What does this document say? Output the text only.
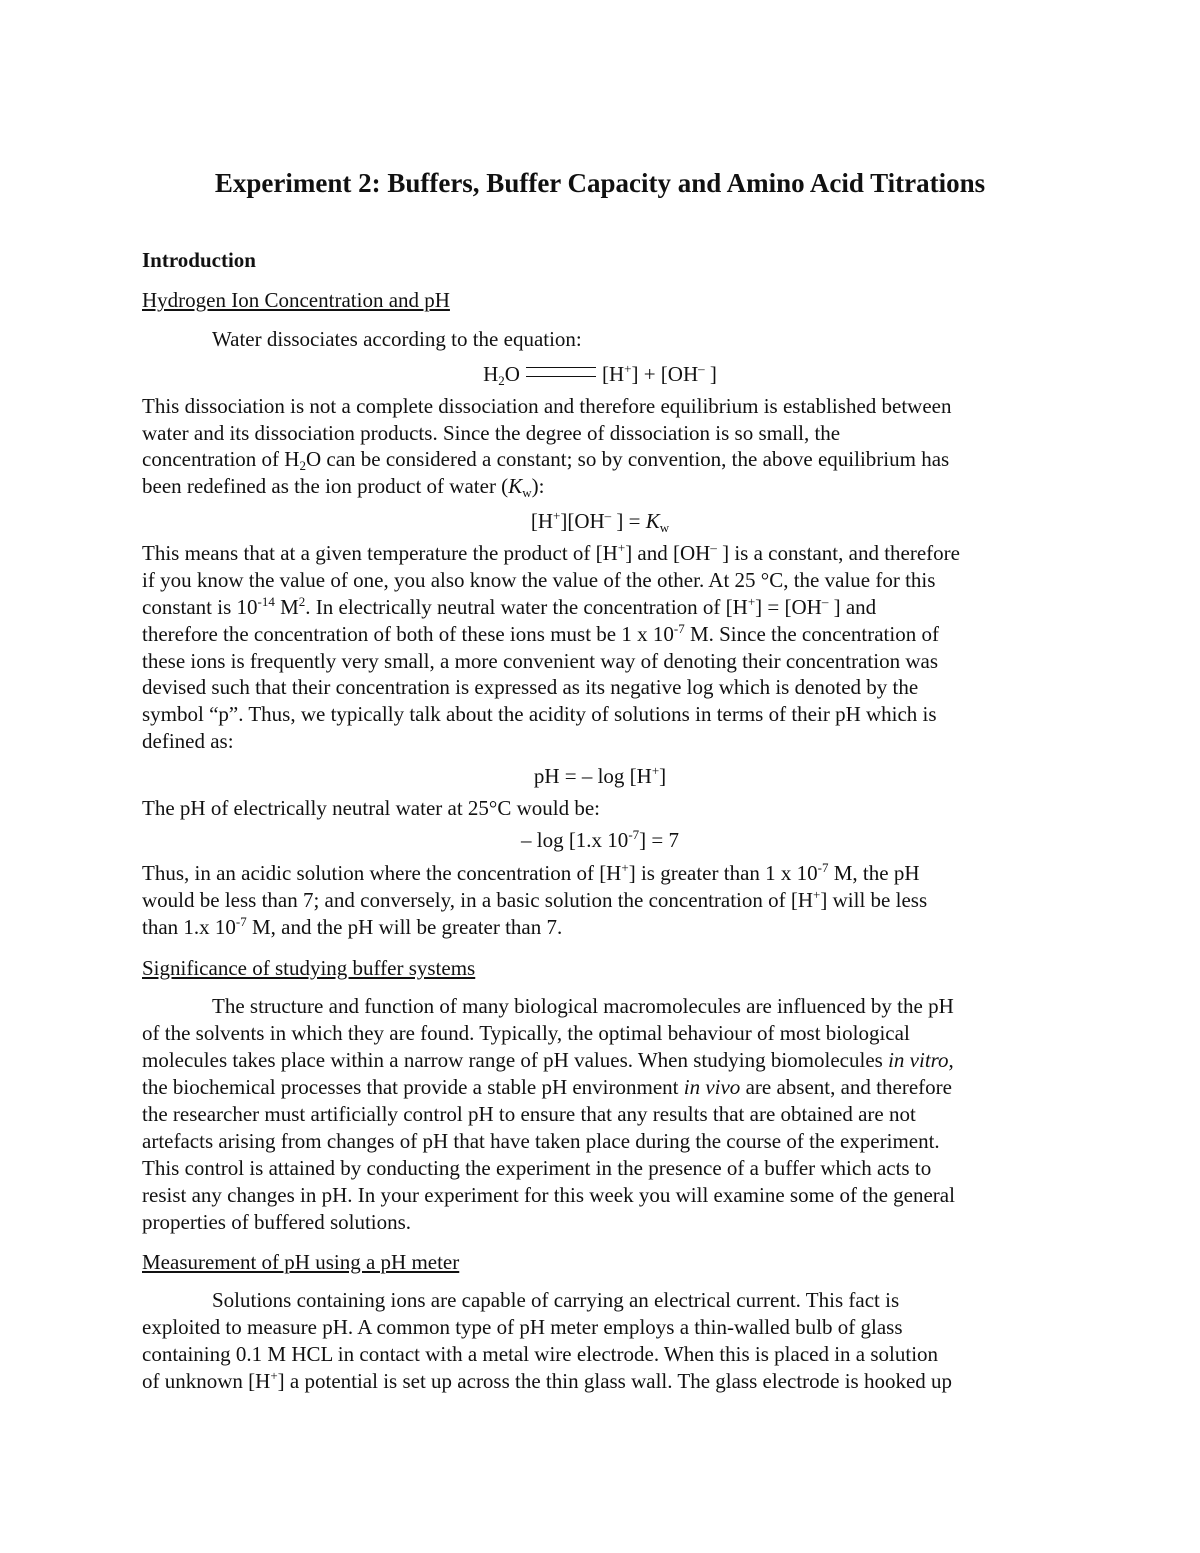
Experiment 2: Buffers, Buffer Capacity and Amino Acid Titrations
Introduction
Hydrogen Ion Concentration and pH
Water dissociates according to the equation:
$H_2O$	[H+] + [OH– ]
This dissociation is not a complete dissociation and therefore equilibrium is established between
water and its dissociation products. Since the degree of dissociation is so small, the
concentration of $H_2O$ can be considered a constant; so by convention, the above equilibrium has
been redefined as the ion product of water $(K_w)$:
[H+][OH– ] = $K_w$
This means that at a given temperature the product of [H+] and [OH– ] is a constant, and therefore
if you know the value of one, you also know the value of the other. At 25 °C, the value for this
constant is $10^{-14}$ $M^2$. In electrically neutral water the concentration of [H+] = [OH– ] and
therefore the concentration of both of these ions must be 1 x $10^{-7}$ M. Since the concentration of
these ions is frequently very small, a more convenient way of denoting their concentration was
devised such that their concentration is expressed as its negative log which is denoted by the
symbol “p”. Thus, we typically talk about the acidity of solutions in terms of their pH which is
defined as:
pH = – log [H+]
The pH of electrically neutral water at 25°C would be:
– log [1.x $10^{-7}] = 7$
Thus, in an acidic solution where the concentration of [H+] is greater than 1 x $10^{-7}$ M, the pH
would be less than 7; and conversely, in a basic solution the concentration of [H+] will be less
than 1.x $10^{-7}$ M, and the pH will be greater than 7.
Significance of studying buffer systems
The structure and function of many biological macromolecules are influenced by the pH
of the solvents in which they are found. Typically, the optimal behaviour of most biological
molecules takes place within a narrow range of pH values. When studying biomolecules in vitro,
the biochemical processes that provide a stable pH environment in vivo are absent, and therefore
the researcher must artificially control pH to ensure that any results that are obtained are not
artefacts arising from changes of pH that have taken place during the course of the experiment.
This control is attained by conducting the experiment in the presence of a buffer which acts to
resist any changes in pH. In your experiment for this week you will examine some of the general
properties of buffered solutions.
Measurement of pH using a pH meter
Solutions containing ions are capable of carrying an electrical current. This fact is
exploited to measure pH. A common type of pH meter employs a thin-walled bulb of glass
containing 0.1 M HCL in contact with a metal wire electrode. When this is placed in a solution
of unknown [H+] a potential is set up across the thin glass wall. The glass electrode is hooked up
